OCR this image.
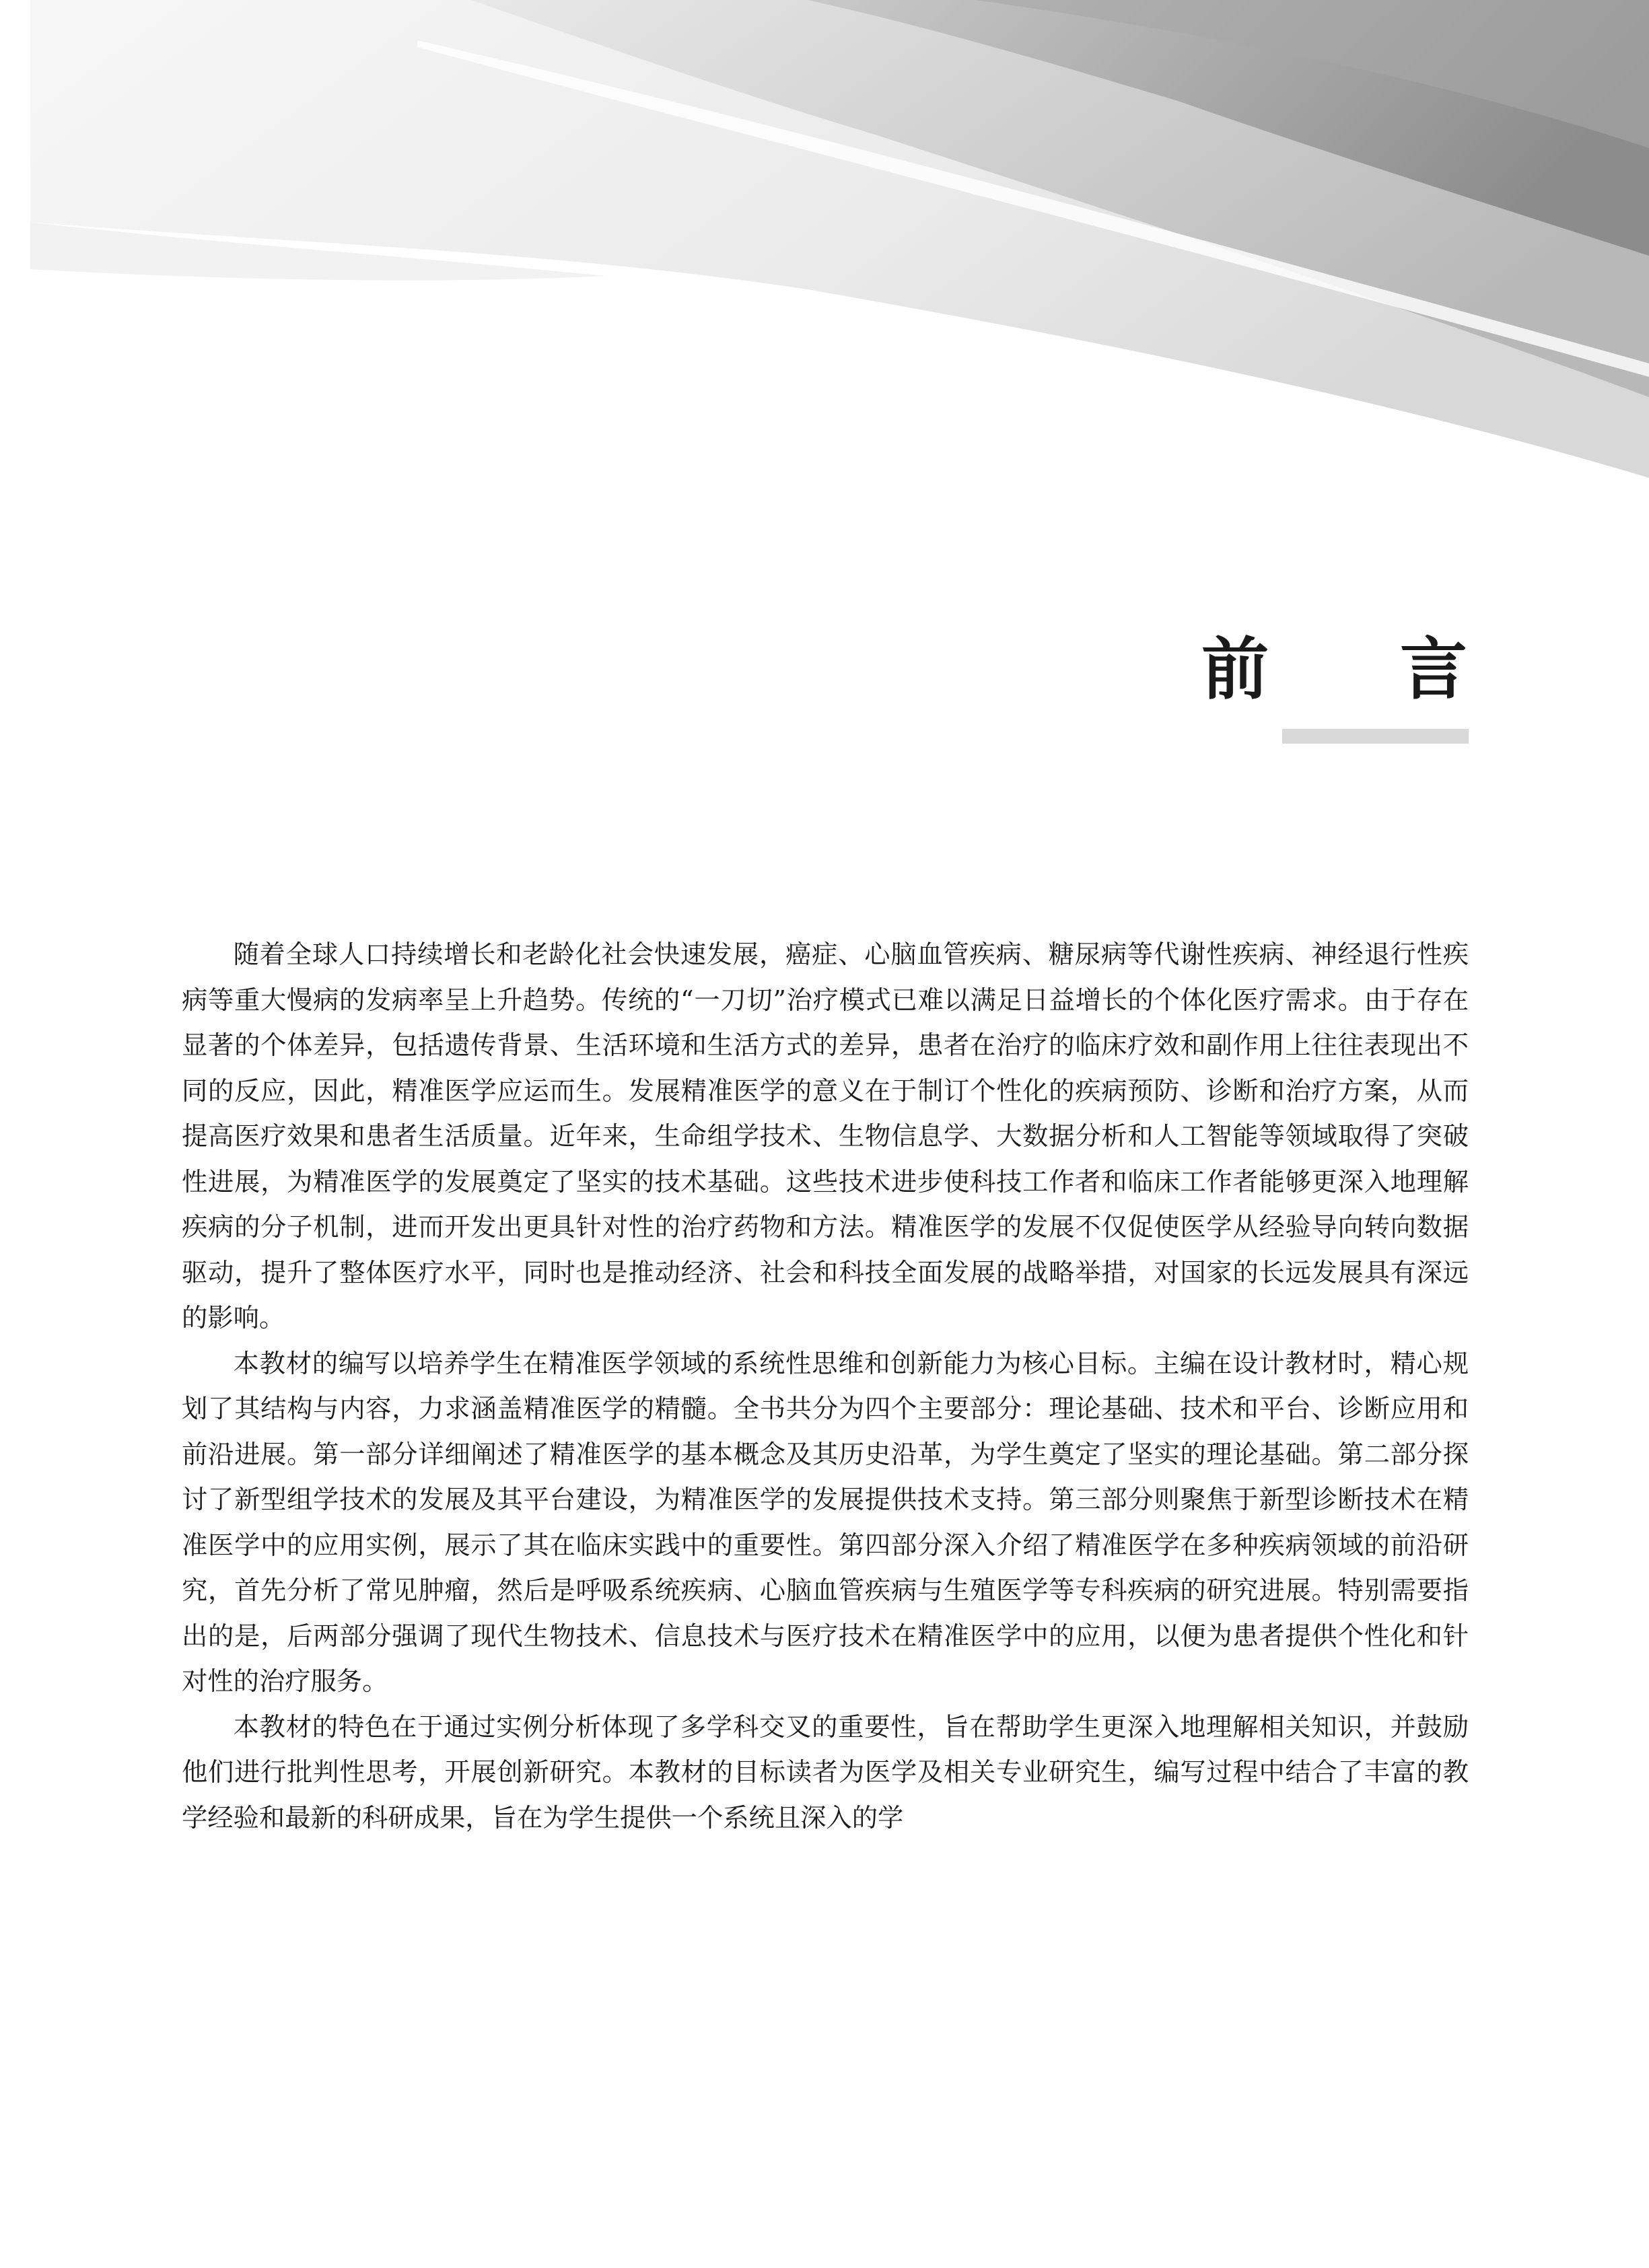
前 言

随着全球人口持续增长和老龄化社会快速发展，癌症、心脑血管疾病、糖尿病等代谢性疾病、神经退行性疾病等重大慢病的发病率呈上升趋势。传统的“一刀切”治疗模式已难以满足日益增长的个体化医疗需求。由于存在显著的个体差异，包括遗传背景、生活环境和生活方式的差异，患者在治疗的临床疗效和副作用上往往表现出不同的反应，因此，精准医学应运而生。发展精准医学的意义在于制订个性化的疾病预防、诊断和治疗方案，从而提高医疗效果和患者生活质量。近年来，生命组学技术、生物信息学、大数据分析和人工智能等领域取得了突破性进展，为精准医学的发展奠定了坚实的技术基础。这些技术进步使科技工作者和临床工作者能够更深入地理解疾病的分子机制，进而开发出更具针对性的治疗药物和方法。精准医学的发展不仅促使医学从经验导向转向数据驱动，提升了整体医疗水平，同时也是推动经济、社会和科技全面发展的战略举措，对国家的长远发展具有深远的影响。

本教材的编写以培养学生在精准医学领域的系统性思维和创新能力为核心目标。主编在设计教材时，精心规划了其结构与内容，力求涵盖精准医学的精髓。全书共分为四个主要部分：理论基础、技术和平台、诊断应用和前沿进展。第一部分详细阐述了精准医学的基本概念及其历史沿革，为学生奠定了坚实的理论基础。第二部分探讨了新型组学技术的发展及其平台建设，为精准医学的发展提供技术支持。第三部分则聚焦于新型诊断技术在精准医学中的应用实例，展示了其在临床实践中的重要性。第四部分深入介绍了精准医学在多种疾病领域的前沿研究，首先分析了常见肿瘤，然后是呼吸系统疾病、心脑血管疾病与生殖医学等专科疾病的研究进展。特别需要指出的是，后两部分强调了现代生物技术、信息技术与医疗技术在精准医学中的应用，以便为患者提供个性化和针对性的治疗服务。

本教材的特色在于通过实例分析体现了多学科交叉的重要性，旨在帮助学生更深入地理解相关知识，并鼓励他们进行批判性思考，开展创新研究。本教材的目标读者为医学及相关专业研究生，编写过程中结合了丰富的教学经验和最新的科研成果，旨在为学生提供一个系统且深入的学
